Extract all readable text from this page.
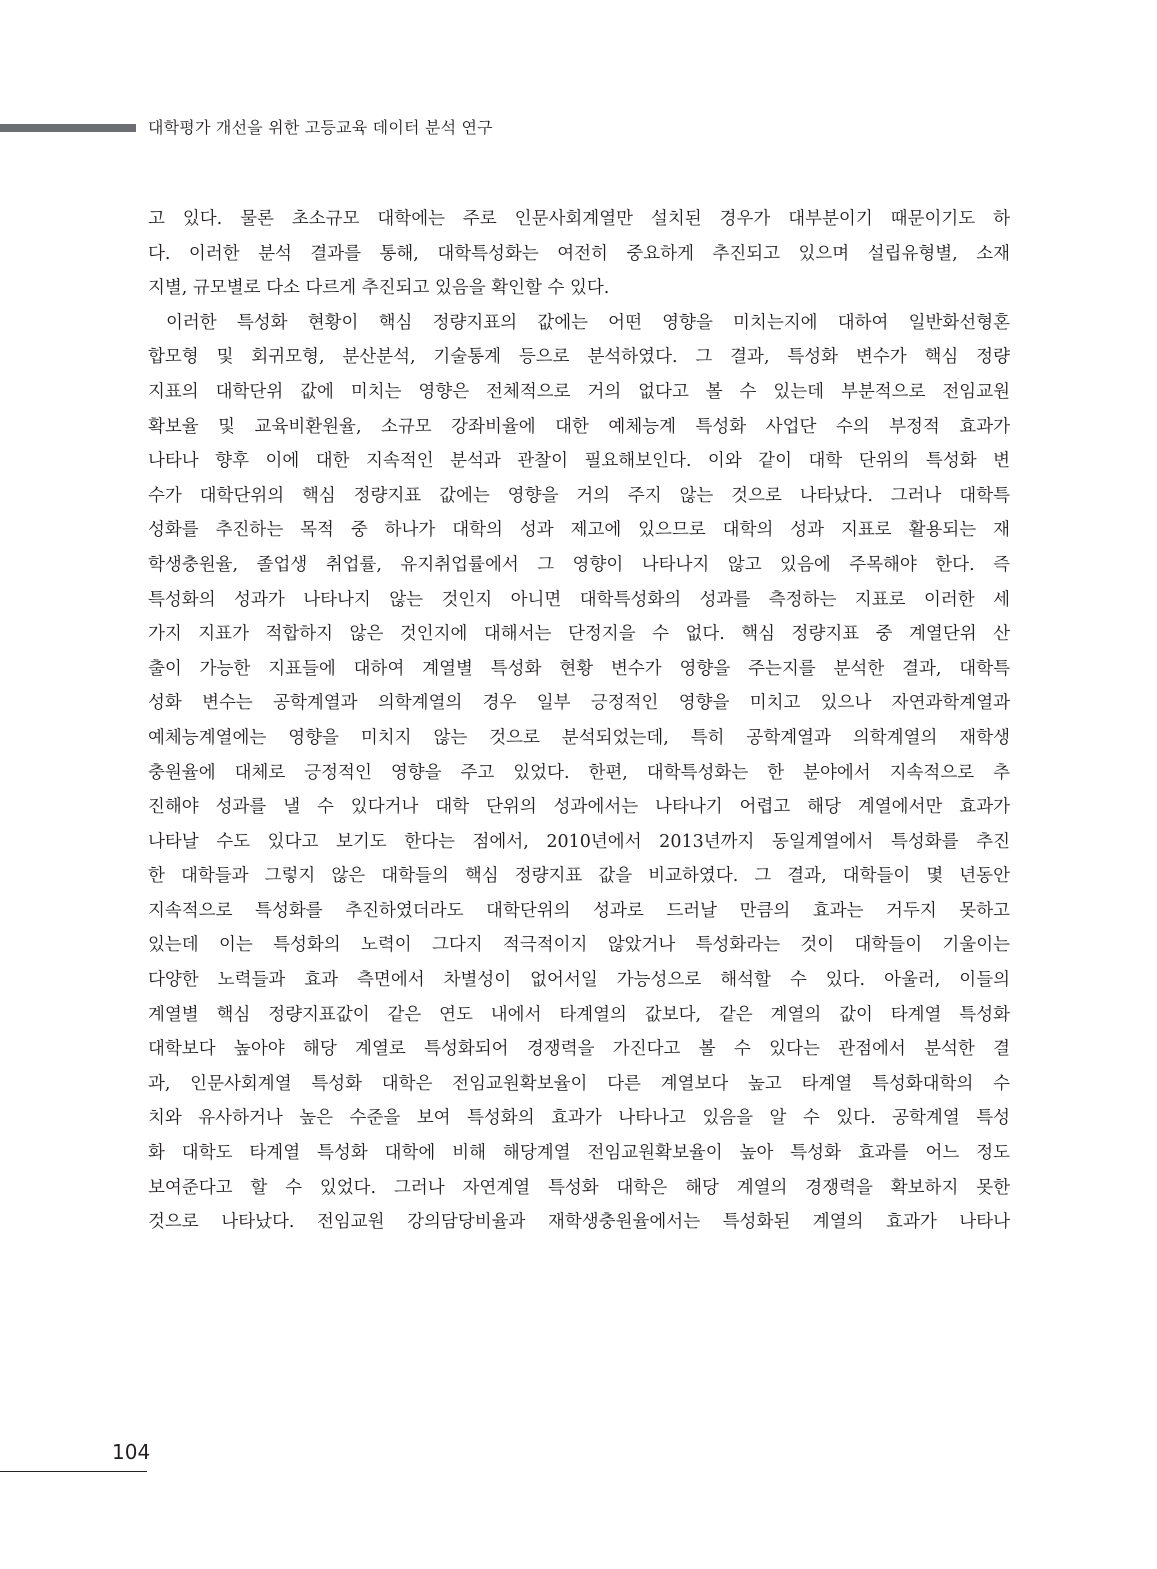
대학평가 개선을 위한 고등교육 데이터 분석 연구
고 있다. 물론 초소규모 대학에는 주로 인문사회계열만 설치된 경우가 대부분이기 때문이기도 하
다. 이러한 분석 결과를 통해, 대학특성화는 여전히 중요하게 추진되고 있으며 설립유형별, 소재
지별, 규모별로 다소 다르게 추진되고 있음을 확인할 수 있다.
이러한 특성화 현황이 핵심 정량지표의 값에는 어떤 영향을 미치는지에 대하여 일반화선형혼
합모형 및 회귀모형, 분산분석, 기술통계 등으로 분석하였다. 그 결과, 특성화 변수가 핵심 정량
지표의 대학단위 값에 미치는 영향은 전체적으로 거의 없다고 볼 수 있는데 부분적으로 전임교원
확보율 및 교육비환원율, 소규모 강좌비율에 대한 예체능계 특성화 사업단 수의 부정적 효과가
나타나 향후 이에 대한 지속적인 분석과 관찰이 필요해보인다. 이와 같이 대학 단위의 특성화 변
수가 대학단위의 핵심 정량지표 값에는 영향을 거의 주지 않는 것으로 나타났다. 그러나 대학특
성화를 추진하는 목적 중 하나가 대학의 성과 제고에 있으므로 대학의 성과 지표로 활용되는 재
학생충원율, 졸업생 취업률, 유지취업률에서 그 영향이 나타나지 않고 있음에 주목해야 한다. 즉
특성화의 성과가 나타나지 않는 것인지 아니면 대학특성화의 성과를 측정하는 지표로 이러한 세
가지 지표가 적합하지 않은 것인지에 대해서는 단정지을 수 없다. 핵심 정량지표 중 계열단위 산
출이 가능한 지표들에 대하여 계열별 특성화 현황 변수가 영향을 주는지를 분석한 결과, 대학특
성화 변수는 공학계열과 의학계열의 경우 일부 긍정적인 영향을 미치고 있으나 자연과학계열과
예체능계열에는 영향을 미치지 않는 것으로 분석되었는데, 특히 공학계열과 의학계열의 재학생
충원율에 대체로 긍정적인 영향을 주고 있었다. 한편, 대학특성화는 한 분야에서 지속적으로 추
진해야 성과를 낼 수 있다거나 대학 단위의 성과에서는 나타나기 어렵고 해당 계열에서만 효과가
나타날 수도 있다고 보기도 한다는 점에서, 2010년에서 2013년까지 동일계열에서 특성화를 추진
한 대학들과 그렇지 않은 대학들의 핵심 정량지표 값을 비교하였다. 그 결과, 대학들이 몇 년동안
지속적으로 특성화를 추진하였더라도 대학단위의 성과로 드러날 만큼의 효과는 거두지 못하고
있는데 이는 특성화의 노력이 그다지 적극적이지 않았거나 특성화라는 것이 대학들이 기울이는
다양한 노력들과 효과 측면에서 차별성이 없어서일 가능성으로 해석할 수 있다. 아울러, 이들의
계열별 핵심 정량지표값이 같은 연도 내에서 타계열의 값보다, 같은 계열의 값이 타계열 특성화
대학보다 높아야 해당 계열로 특성화되어 경쟁력을 가진다고 볼 수 있다는 관점에서 분석한 결
과, 인문사회계열 특성화 대학은 전임교원확보율이 다른 계열보다 높고 타계열 특성화대학의 수
치와 유사하거나 높은 수준을 보여 특성화의 효과가 나타나고 있음을 알 수 있다. 공학계열 특성
화 대학도 타계열 특성화 대학에 비해 해당계열 전임교원확보율이 높아 특성화 효과를 어느 정도
보여준다고 할 수 있었다. 그러나 자연계열 특성화 대학은 해당 계열의 경쟁력을 확보하지 못한
것으로 나타났다. 전임교원 강의담당비율과 재학생충원율에서는 특성화된 계열의 효과가 나타나
104
